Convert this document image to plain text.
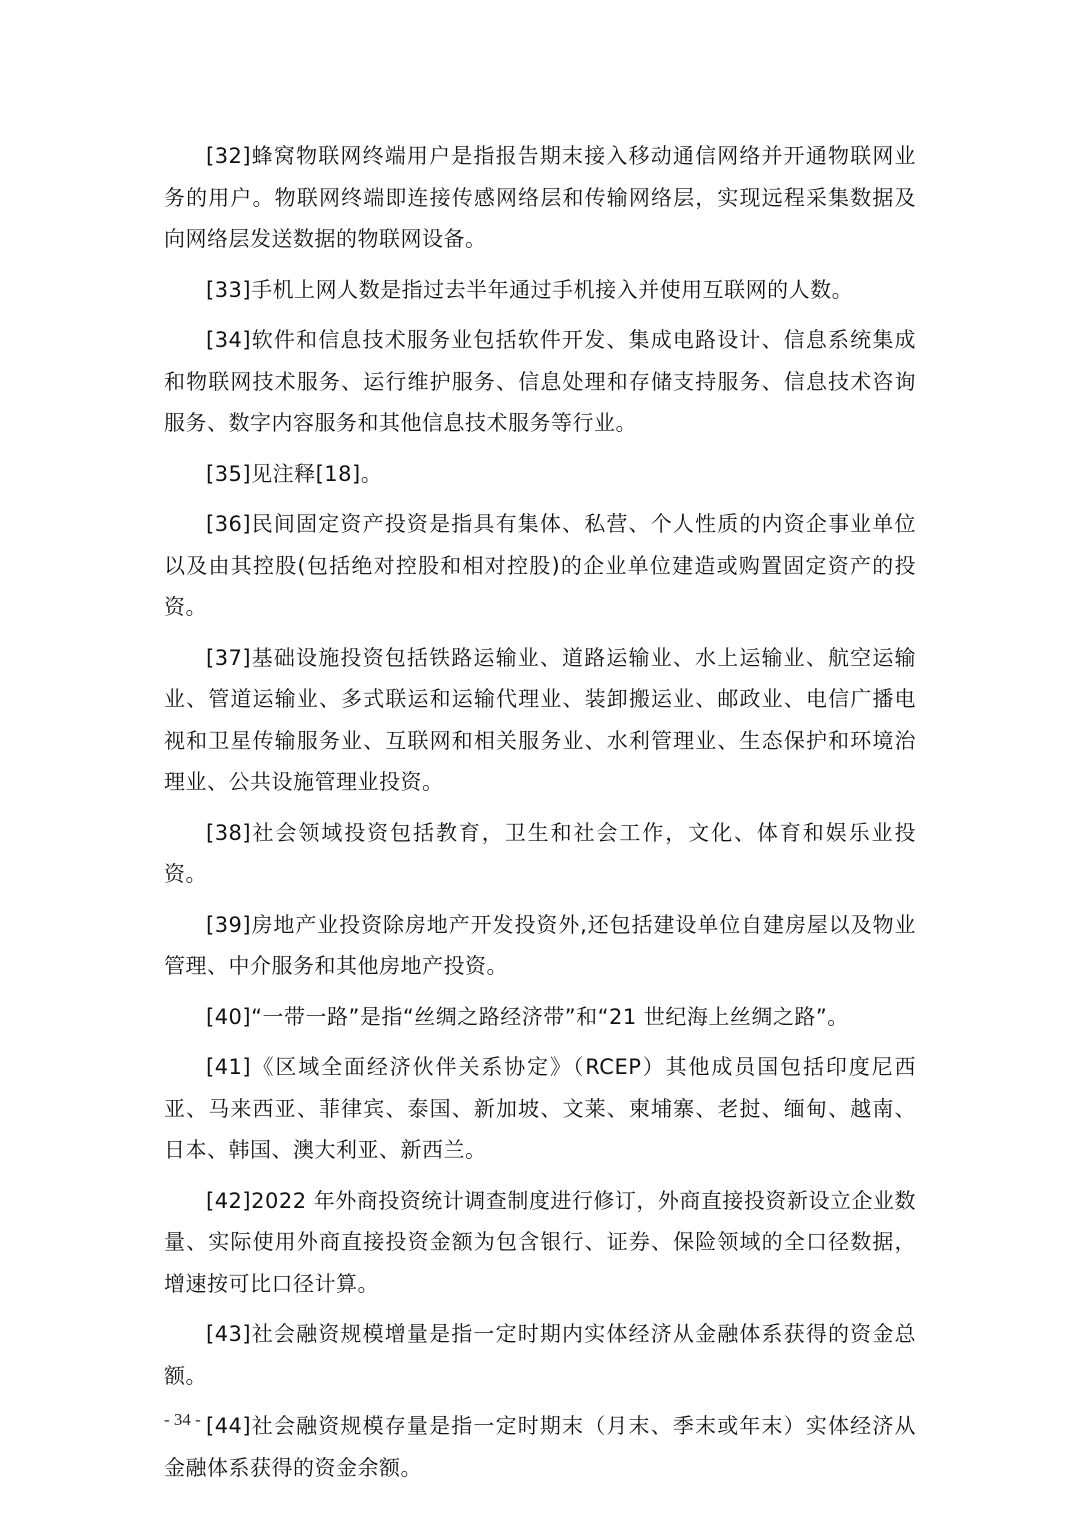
[32]蜂窝物联网终端用户是指报告期末接入移动通信网络并开通物联网业务的用户。物联网终端即连接传感网络层和传输网络层，实现远程采集数据及向网络层发送数据的物联网设备。

[33]手机上网人数是指过去半年通过手机接入并使用互联网的人数。

[34]软件和信息技术服务业包括软件开发、集成电路设计、信息系统集成和物联网技术服务、运行维护服务、信息处理和存储支持服务、信息技术咨询服务、数字内容服务和其他信息技术服务等行业。

[35]见注释[18]。

[36]民间固定资产投资是指具有集体、私营、个人性质的内资企事业单位以及由其控股(包括绝对控股和相对控股)的企业单位建造或购置固定资产的投资。

[37]基础设施投资包括铁路运输业、道路运输业、水上运输业、航空运输业、管道运输业、多式联运和运输代理业、装卸搬运业、邮政业、电信广播电视和卫星传输服务业、互联网和相关服务业、水利管理业、生态保护和环境治理业、公共设施管理业投资。

[38]社会领域投资包括教育，卫生和社会工作，文化、体育和娱乐业投资。

[39]房地产业投资除房地产开发投资外,还包括建设单位自建房屋以及物业管理、中介服务和其他房地产投资。

[40]“一带一路”是指“丝绸之路经济带”和“21 世纪海上丝绸之路”。

[41]《区域全面经济伙伴关系协定》（RCEP）其他成员国包括印度尼西亚、马来西亚、菲律宾、泰国、新加坡、文莱、柬埔寨、老挝、缅甸、越南、日本、韩国、澳大利亚、新西兰。

[42]2022 年外商投资统计调查制度进行修订，外商直接投资新设立企业数量、实际使用外商直接投资金额为包含银行、证券、保险领域的全口径数据，增速按可比口径计算。

[43]社会融资规模增量是指一定时期内实体经济从金融体系获得的资金总额。

[44]社会融资规模存量是指一定时期末（月末、季末或年末）实体经济从金融体系获得的资金余额。

- 34 -
